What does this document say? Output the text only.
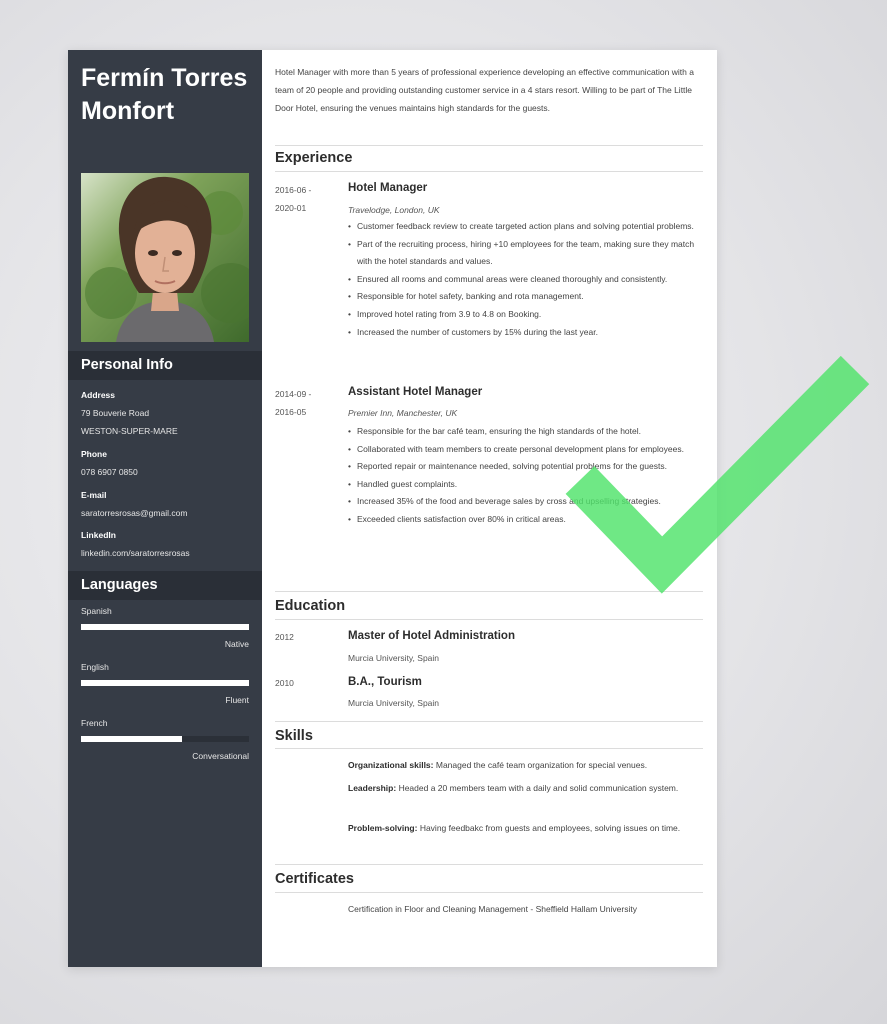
Fermín Torres Monfort
Personal Info
Address
79 Bouverie Road
WESTON-SUPER-MARE
Phone
078 6907 0850
E-mail
saratorresrosas@gmail.com
LinkedIn
linkedin.com/saratorresrosas
Languages
Spanish
Native
English
Fluent
French
Conversational
Hotel Manager with more than 5 years of professional experience developing an effective communication with a team of 20 people and providing outstanding customer service in a 4 stars resort. Willing to be part of The Little Door Hotel, ensuring the venues maintains high standards for the guests.
Experience
2016-06 -
2020-01
Hotel Manager
Travelodge, London, UK
• Customer feedback review to create targeted action plans and solving potential problems.
• Part of the recruiting process, hiring +10 employees for the team, making sure they match with the hotel standards and values.
• Ensured all rooms and communal areas were cleaned thoroughly and consistently.
• Responsible for hotel safety, banking and rota management.
• Improved hotel rating from 3.9 to 4.8 on Booking.
• Increased the number of customers by 15% during the last year.
2014-09 -
2016-05
Assistant Hotel Manager
Premier Inn, Manchester, UK
• Responsible for the bar café team, ensuring the high standards of the hotel.
• Collaborated with team members to create personal development plans for employees.
• Reported repair or maintenance needed, solving potential problems for the guests.
• Handled guest complaints.
• Increased 35% of the food and beverage sales by cross and upselling strategies.
• Exceeded clients satisfaction over 80% in critical areas.
Education
2012	Master of Hotel Administration
Murcia University, Spain
2010	B.A., Tourism
Murcia University, Spain
Skills
Organizational skills: Managed the café team organization for special venues.
Leadership: Headed a 20 members team with a daily and solid communication system.
Problem-solving: Having feedbakc from guests and employees, solving issues on time.
Certificates
Certification in Floor and Cleaning Management - Sheffield Hallam University
